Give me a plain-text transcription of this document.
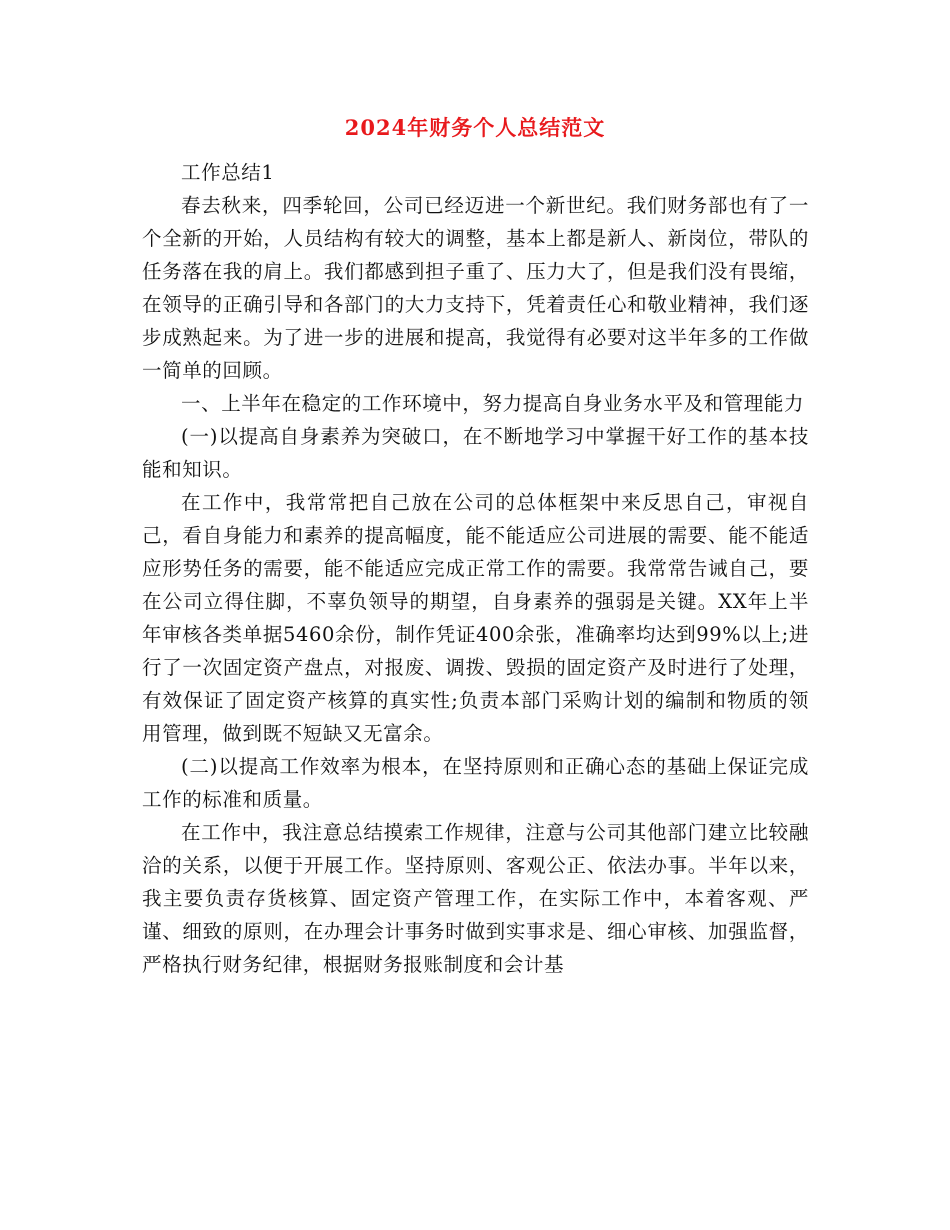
2024年财务个人总结范文

工作总结1

春去秋来，四季轮回，公司已经迈进一个新世纪。我们财务部也有了一个全新的开始，人员结构有较大的调整，基本上都是新人、新岗位，带队的任务落在我的肩上。我们都感到担子重了、压力大了，但是我们没有畏缩，在领导的正确引导和各部门的大力支持下，凭着责任心和敬业精神，我们逐步成熟起来。为了进一步的进展和提高，我觉得有必要对这半年多的工作做一简单的回顾。

一、上半年在稳定的工作环境中，努力提高自身业务水平及和管理能力

(一)以提高自身素养为突破口，在不断地学习中掌握干好工作的基本技能和知识。

在工作中，我常常把自己放在公司的总体框架中来反思自己，审视自己，看自身能力和素养的提高幅度，能不能适应公司进展的需要、能不能适应形势任务的需要，能不能适应完成正常工作的需要。我常常告诫自己，要在公司立得住脚，不辜负领导的期望，自身素养的强弱是关键。XX年上半年审核各类单据5460余份，制作凭证400余张，准确率均达到99%以上;进行了一次固定资产盘点，对报废、调拨、毁损的固定资产及时进行了处理，有效保证了固定资产核算的真实性;负责本部门采购计划的编制和物质的领用管理，做到既不短缺又无富余。

(二)以提高工作效率为根本，在坚持原则和正确心态的基础上保证完成工作的标准和质量。

在工作中，我注意总结摸索工作规律，注意与公司其他部门建立比较融洽的关系，以便于开展工作。坚持原则、客观公正、依法办事。半年以来，我主要负责存货核算、固定资产管理工作，在实际工作中，本着客观、严谨、细致的原则，在办理会计事务时做到实事求是、细心审核、加强监督，严格执行财务纪律，根据财务报账制度和会计基
